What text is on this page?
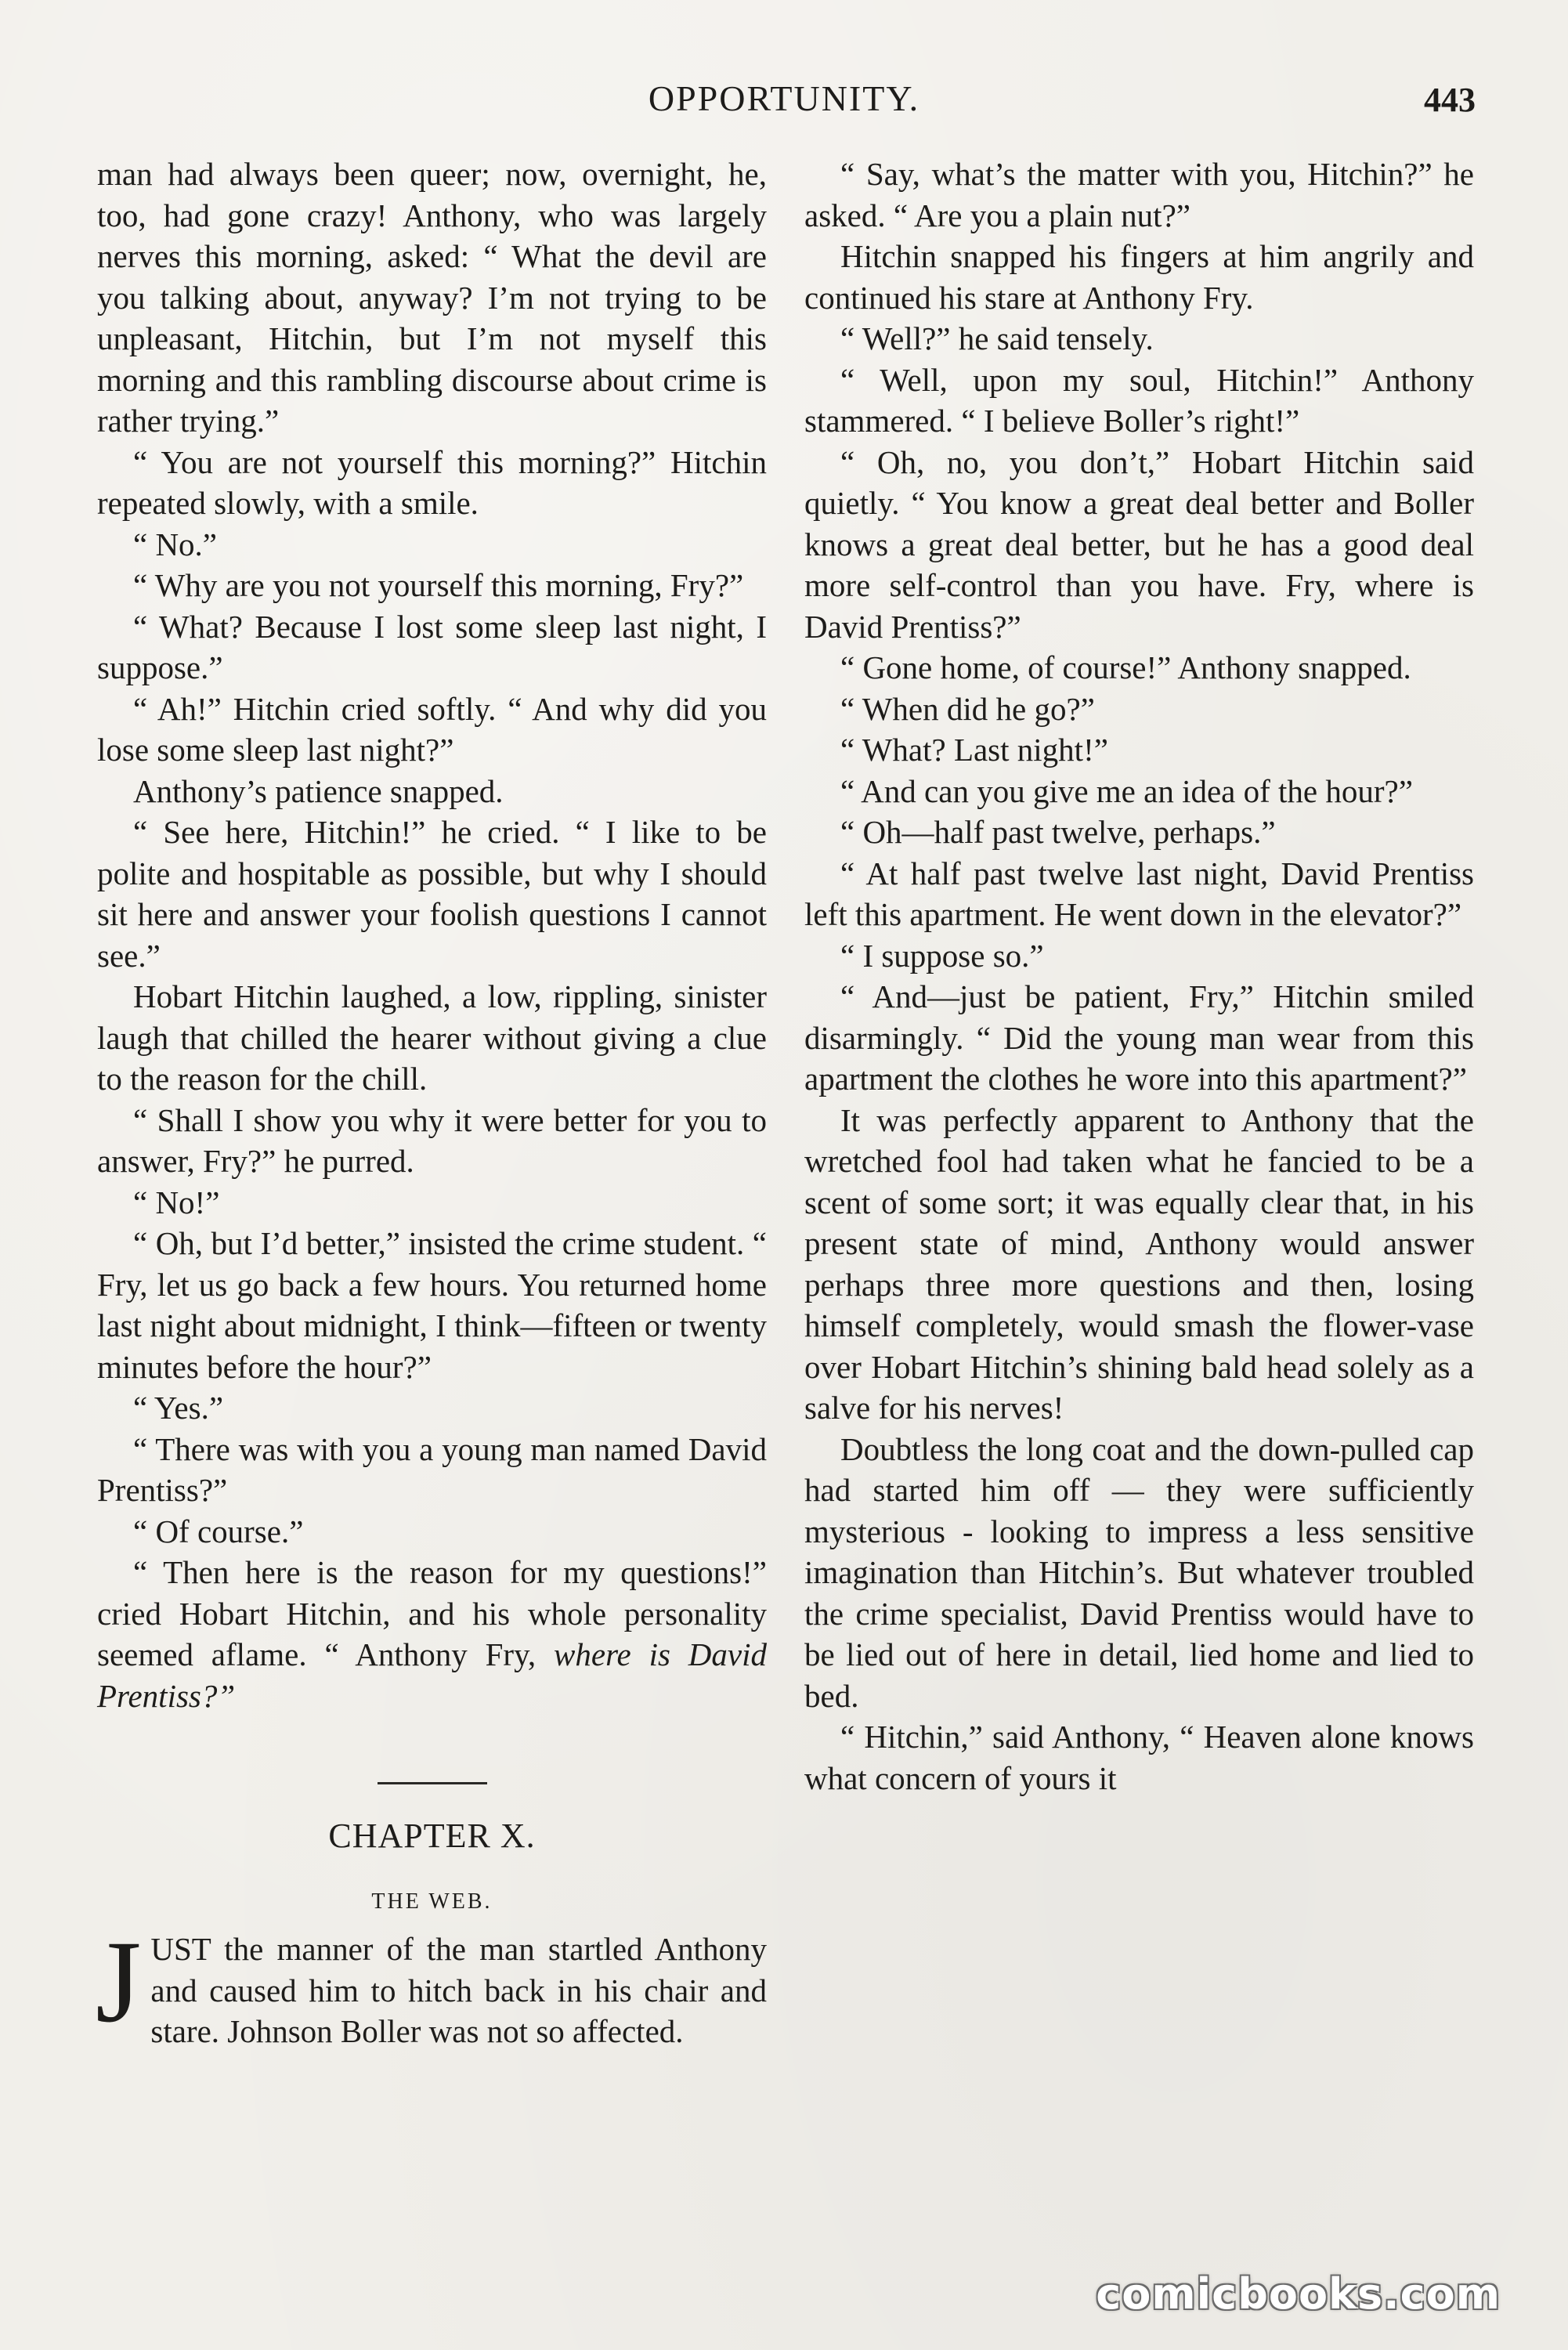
OPPORTUNITY.	443

man had always been queer; now, overnight, he, too, had gone crazy! Anthony, who was largely nerves this morning, asked: “ What the devil are you talking about, anyway? I’m not trying to be unpleasant, Hitchin, but I’m not myself this morning and this rambling discourse about crime is rather trying.”

“ You are not yourself this morning?” Hitchin repeated slowly, with a smile.

“ No.”

“ Why are you not yourself this morning, Fry?”

“ What? Because I lost some sleep last night, I suppose.”

“ Ah!” Hitchin cried softly. “ And why did you lose some sleep last night?”

Anthony’s patience snapped.

“ See here, Hitchin!” he cried. “ I like to be polite and hospitable as possible, but why I should sit here and answer your foolish questions I cannot see.”

Hobart Hitchin laughed, a low, rippling, sinister laugh that chilled the hearer without giving a clue to the reason for the chill.

“ Shall I show you why it were better for you to answer, Fry?” he purred.

“ No!”

“ Oh, but I’d better,” insisted the crime student. “ Fry, let us go back a few hours. You returned home last night about midnight, I think—fifteen or twenty minutes before the hour?”

“ Yes.”

“ There was with you a young man named David Prentiss?”

“ Of course.”

“ Then here is the reason for my questions!” cried Hobart Hitchin, and his whole personality seemed aflame. “ Anthony Fry, where is David Prentiss?”

CHAPTER X.
THE WEB.

JUST the manner of the man startled Anthony and caused him to hitch back in his chair and stare. Johnson Boller was not so affected.

“ Say, what’s the matter with you, Hitchin?” he asked. “ Are you a plain nut?”

Hitchin snapped his fingers at him angrily and continued his stare at Anthony Fry.

“ Well?” he said tensely.

“ Well, upon my soul, Hitchin!” Anthony stammered. “ I believe Boller’s right!”

“ Oh, no, you don’t,” Hobart Hitchin said quietly. “ You know a great deal better and Boller knows a great deal better, but he has a good deal more self-control than you have. Fry, where is David Prentiss?”

“ Gone home, of course!” Anthony snapped.

“ When did he go?”

“ What? Last night!”

“ And can you give me an idea of the hour?”

“ Oh—half past twelve, perhaps.”

“ At half past twelve last night, David Prentiss left this apartment. He went down in the elevator?”

“ I suppose so.”

“ And—just be patient, Fry,” Hitchin smiled disarmingly. “ Did the young man wear from this apartment the clothes he wore into this apartment?”

It was perfectly apparent to Anthony that the wretched fool had taken what he fancied to be a scent of some sort; it was equally clear that, in his present state of mind, Anthony would answer perhaps three more questions and then, losing himself completely, would smash the flower-vase over Hobart Hitchin’s shining bald head solely as a salve for his nerves!

Doubtless the long coat and the down-pulled cap had started him off — they were sufficiently mysterious - looking to impress a less sensitive imagination than Hitchin’s. But whatever troubled the crime specialist, David Prentiss would have to be lied out of here in detail, lied home and lied to bed.

“ Hitchin,” said Anthony, “ Heaven alone knows what concern of yours it

comicbooks.com
